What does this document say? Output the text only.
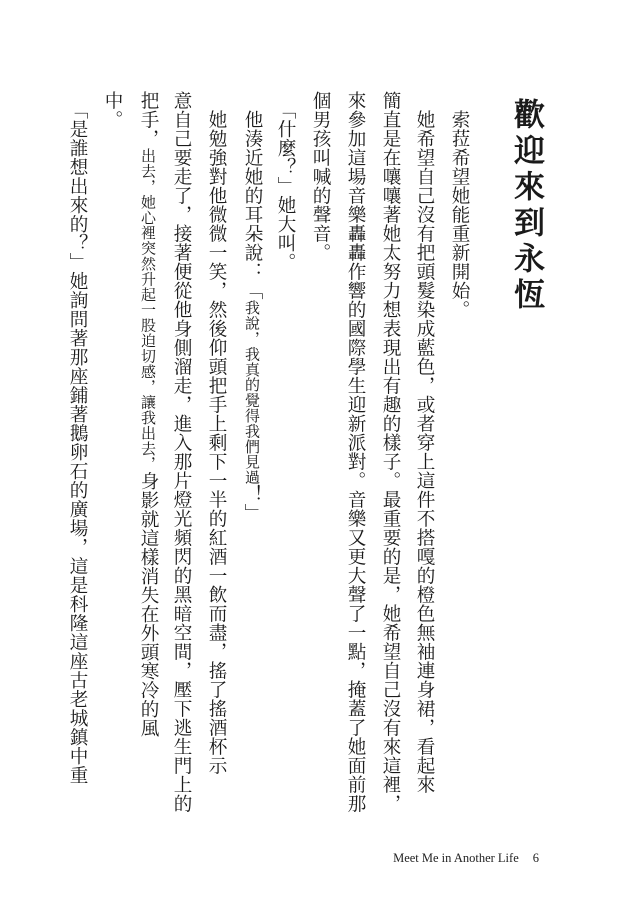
歡迎來到永恆

　索菈希望她能重新開始。

　她希望自己沒有把頭髮染成藍色，或者穿上這件不搭嘎的橙色無袖連身裙，看起來

簡直是在嚷嚷著她太努力想表現出有趣的樣子。最重要的是，她希望自己沒有來這裡，

來參加這場音樂轟轟作響的國際學生迎新派對。音樂又更大聲了一點，掩蓋了她面前那

個男孩叫喊的聲音。

　「什麼？」她大叫。

　他湊近她的耳朵說：「我說，我真的覺得我們見過！」

　她勉強對他微微一笑，然後仰頭把手上剩下一半的紅酒一飲而盡，搖了搖酒杯示

意自己要走了，接著便從他身側溜走，進入那片燈光頻閃的黑暗空間，壓下逃生門上的

把手，出去，她心裡突然升起一股迫切感，讓我出去，身影就這樣消失在外頭寒冷的風

中。

　「是誰想出來的？」她詢問著那座鋪著鵝卵石的廣場，這是科隆這座古老城鎮中重

Meet Me in Another Life 6
